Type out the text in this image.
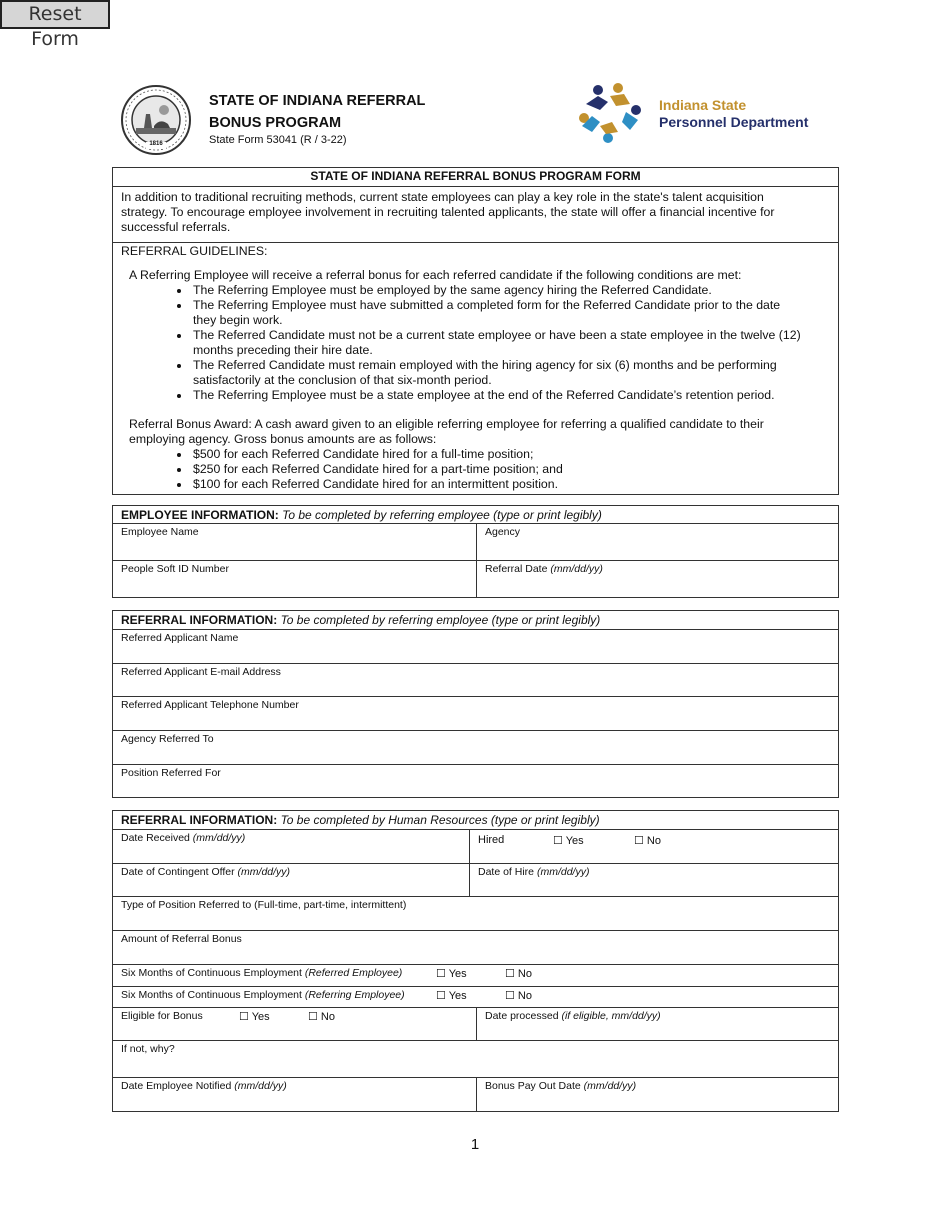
Reset Form
1816
STATE OF INDIANA REFERRAL
BONUS PROGRAM
State Form 53041 (R / 3-22)
Indiana State
Personnel Department
STATE OF INDIANA REFERRAL BONUS PROGRAM FORM
In addition to traditional recruiting methods, current state employees can play a key role in the state's talent acquisition
strategy. To encourage employee involvement in recruiting talented applicants, the state will offer a financial incentive for
successful referrals.
REFERRAL GUIDELINES:
A Referring Employee will receive a referral bonus for each referred candidate if the following conditions are met:
• The Referring Employee must be employed by the same agency hiring the Referred Candidate.
• The Referring Employee must have submitted a completed form for the Referred Candidate prior to the date
they begin work.
• The Referred Candidate must not be a current state employee or have been a state employee in the twelve (12)
months preceding their hire date.
• The Referred Candidate must remain employed with the hiring agency for six (6) months and be performing
satisfactorily at the conclusion of that six-month period.
• The Referring Employee must be a state employee at the end of the Referred Candidate’s retention period.
Referral Bonus Award: A cash award given to an eligible referring employee for referring a qualified candidate to their
employing agency. Gross bonus amounts are as follows:
• $500 for each Referred Candidate hired for a full-time position;
• $250 for each Referred Candidate hired for a part-time position; and
• $100 for each Referred Candidate hired for an intermittent position.
EMPLOYEE INFORMATION: To be completed by referring employee (type or print legibly)
Employee Name	Agency
People Soft ID Number	Referral Date (mm/dd/yy)
REFERRAL INFORMATION: To be completed by referring employee (type or print legibly)
Referred Applicant Name
Referred Applicant E-mail Address
Referred Applicant Telephone Number
Agency Referred To
Position Referred For
REFERRAL INFORMATION: To be completed by Human Resources (type or print legibly)
Date Received (mm/dd/yy)	Hired	☐ Yes	☐ No
Date of Contingent Offer (mm/dd/yy)	Date of Hire (mm/dd/yy)
Type of Position Referred to (Full-time, part-time, intermittent)
Amount of Referral Bonus
Six Months of Continuous Employment (Referred Employee)	☐ Yes	☐ No
Six Months of Continuous Employment (Referring Employee)	☐ Yes	☐ No
Eligible for Bonus	☐ Yes	☐ No	Date processed (if eligible, mm/dd/yy)
If not, why?
Date Employee Notified (mm/dd/yy)	Bonus Pay Out Date (mm/dd/yy)
1
